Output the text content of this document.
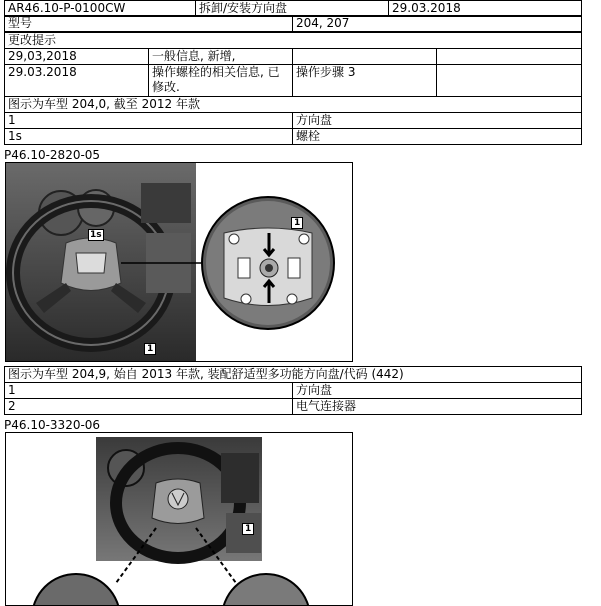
AR46.10-P-0100CW	拆卸/安装方向盘	29.03.2018
型号	204, 207
更改提示			
29,03,2018	一般信息, 新增,		
29.03.2018	操作螺栓的相关信息, 已修改.	操作步骤 3	
图示为车型 204,0, 截至 2012 年款	
1	方向盘
1s	螺栓
P46.10-2820-05
1s
1
1
图示为车型 204,9, 始自 2013 年款, 装配舒适型多功能方向盘/代码 (442)	
1	方向盘
2	电气连接器
P46.10-3320-06
1
